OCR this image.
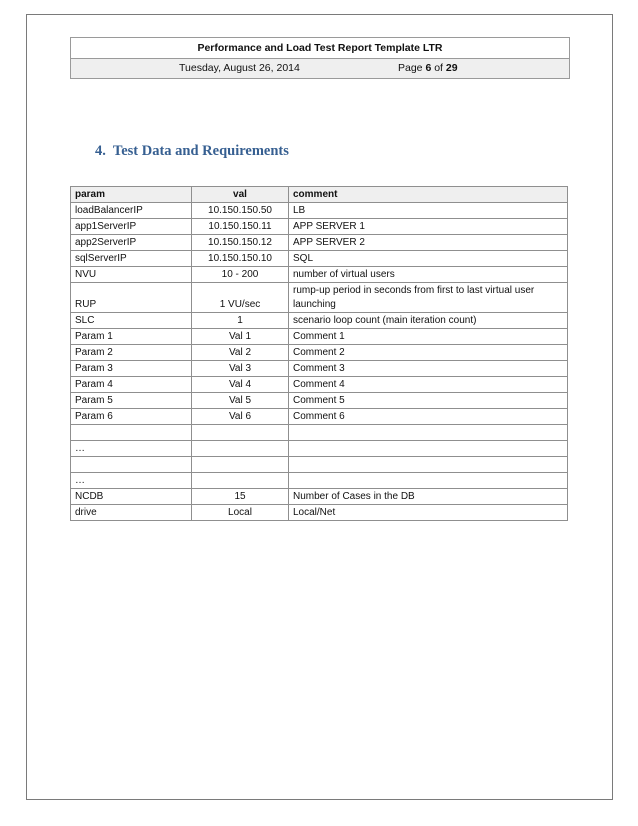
Performance and Load Test Report Template LTR
Tuesday, August 26, 2014	Page 6 of 29
4. Test Data and Requirements
param	val	comment
loadBalancerIP	10.150.150.50	LB
app1ServerIP	10.150.150.11	APP SERVER 1
app2ServerIP	10.150.150.12	APP SERVER 2
sqlServerIP	10.150.150.10	SQL
NVU	10 - 200	number of virtual users
RUP	1 VU/sec	rump-up period in seconds from first to last virtual user launching
SLC	1	scenario loop count (main iteration count)
Param 1	Val 1	Comment 1
Param 2	Val 2	Comment 2
Param 3	Val 3	Comment 3
Param 4	Val 4	Comment 4
Param 5	Val 5	Comment 5
Param 6	Val 6	Comment 6

…		

…		
NCDB	15	Number of Cases in the DB
drive	Local	Local/Net
